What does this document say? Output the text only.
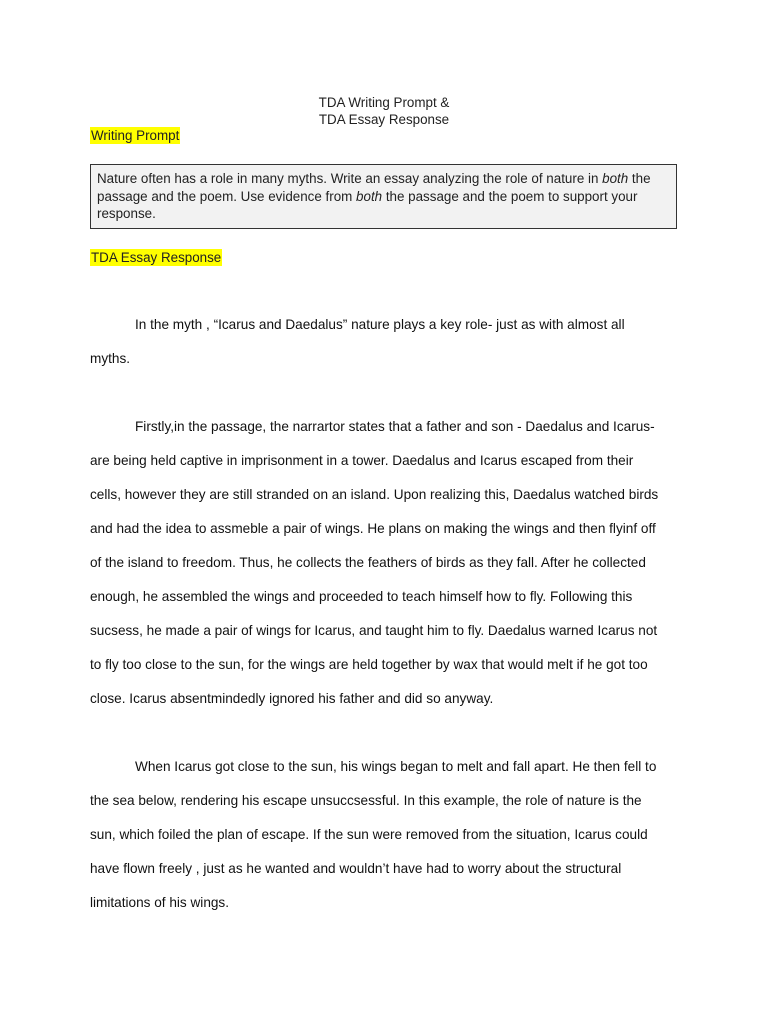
TDA Writing Prompt &
TDA Essay Response
Writing Prompt
Nature often has a role in many myths. Write an essay analyzing the role of nature in both the passage and the poem. Use evidence from both the passage and the poem to support your response.
TDA Essay Response

In the myth , “Icarus and Daedalus” nature plays a key role- just as with almost all
myths.

Firstly,in the passage, the narrartor states that a father and son - Daedalus and Icarus-
are being held captive in imprisonment in a tower. Daedalus and Icarus escaped from their
cells, however they are still stranded on an island. Upon realizing this, Daedalus watched birds
and had the idea to assmeble a pair of wings. He plans on making the wings and then flyinf off
of the island to freedom. Thus, he collects the feathers of birds as they fall. After he collected
enough, he assembled the wings and proceeded to teach himself how to fly. Following this
sucsess, he made a pair of wings for Icarus, and taught him to fly. Daedalus warned Icarus not
to fly too close to the sun, for the wings are held together by wax that would melt if he got too
close. Icarus absentmindedly ignored his father and did so anyway.

When Icarus got close to the sun, his wings began to melt and fall apart. He then fell to
the sea below, rendering his escape unsuccsessful. In this example, the role of nature is the
sun, which foiled the plan of escape. If the sun were removed from the situation, Icarus could
have flown freely , just as he wanted and wouldn’t have had to worry about the structural
limitations of his wings.
